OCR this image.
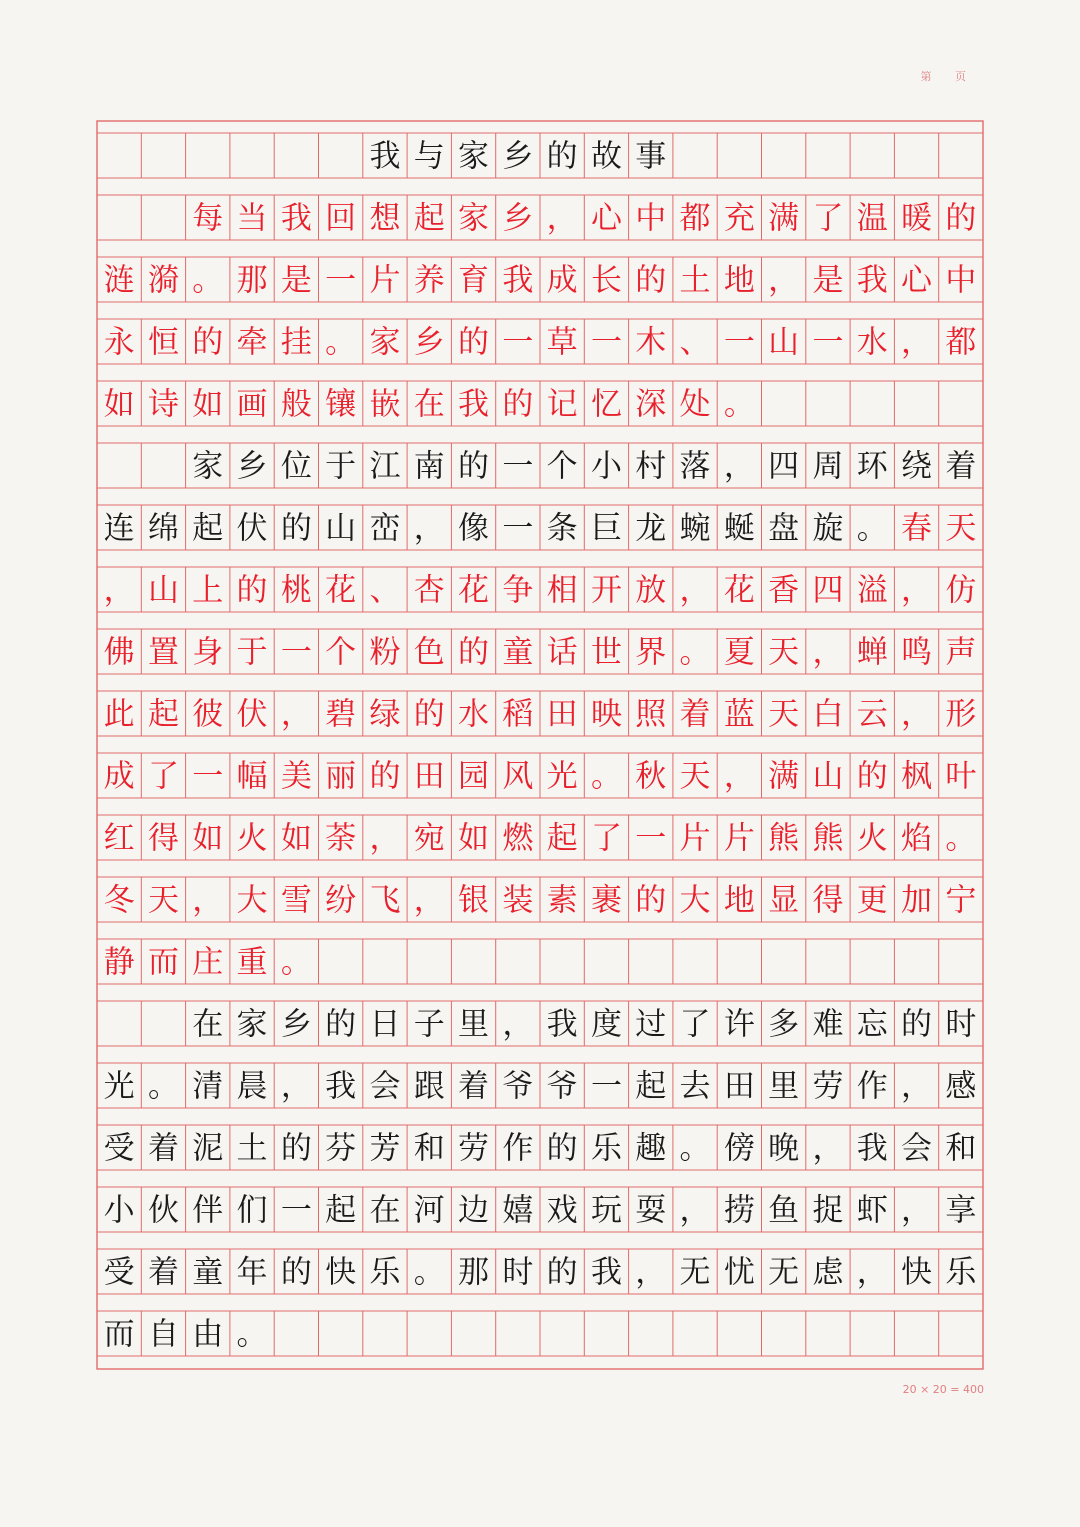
第 页
我 与 家 乡 的 故 事
每 当 我 回 想 起 家 乡 ， 心 中 都 充 满 了 温 暖 的
涟 漪 。 那 是 一 片 养 育 我 成 长 的 土 地 ， 是 我 心 中
永 恒 的 牵 挂 。 家 乡 的 一 草 一 木 、 一 山 一 水 ， 都
如 诗 如 画 般 镶 嵌 在 我 的 记 忆 深 处 。
家 乡 位 于 江 南 的 一 个 小 村 落 ， 四 周 环 绕 着
连 绵 起 伏 的 山 峦 ， 像 一 条 巨 龙 蜿 蜒 盘 旋 。 春 天
， 山 上 的 桃 花 、 杏 花 争 相 开 放 ， 花 香 四 溢 ， 仿
佛 置 身 于 一 个 粉 色 的 童 话 世 界 。 夏 天 ， 蝉 鸣 声
此 起 彼 伏 ， 碧 绿 的 水 稻 田 映 照 着 蓝 天 白 云 ， 形
成 了 一 幅 美 丽 的 田 园 风 光 。 秋 天 ， 满 山 的 枫 叶
红 得 如 火 如 荼 ， 宛 如 燃 起 了 一 片 片 熊 熊 火 焰 。
冬 天 ， 大 雪 纷 飞 ， 银 装 素 裹 的 大 地 显 得 更 加 宁
静 而 庄 重 。
在 家 乡 的 日 子 里 ， 我 度 过 了 许 多 难 忘 的 时
光 。 清 晨 ， 我 会 跟 着 爷 爷 一 起 去 田 里 劳 作 ， 感
受 着 泥 土 的 芬 芳 和 劳 作 的 乐 趣 。 傍 晚 ， 我 会 和
小 伙 伴 们 一 起 在 河 边 嬉 戏 玩 耍 ， 捞 鱼 捉 虾 ， 享
受 着 童 年 的 快 乐 。 那 时 的 我 ， 无 忧 无 虑 ， 快 乐
而 自 由 。
20 × 20 = 400
